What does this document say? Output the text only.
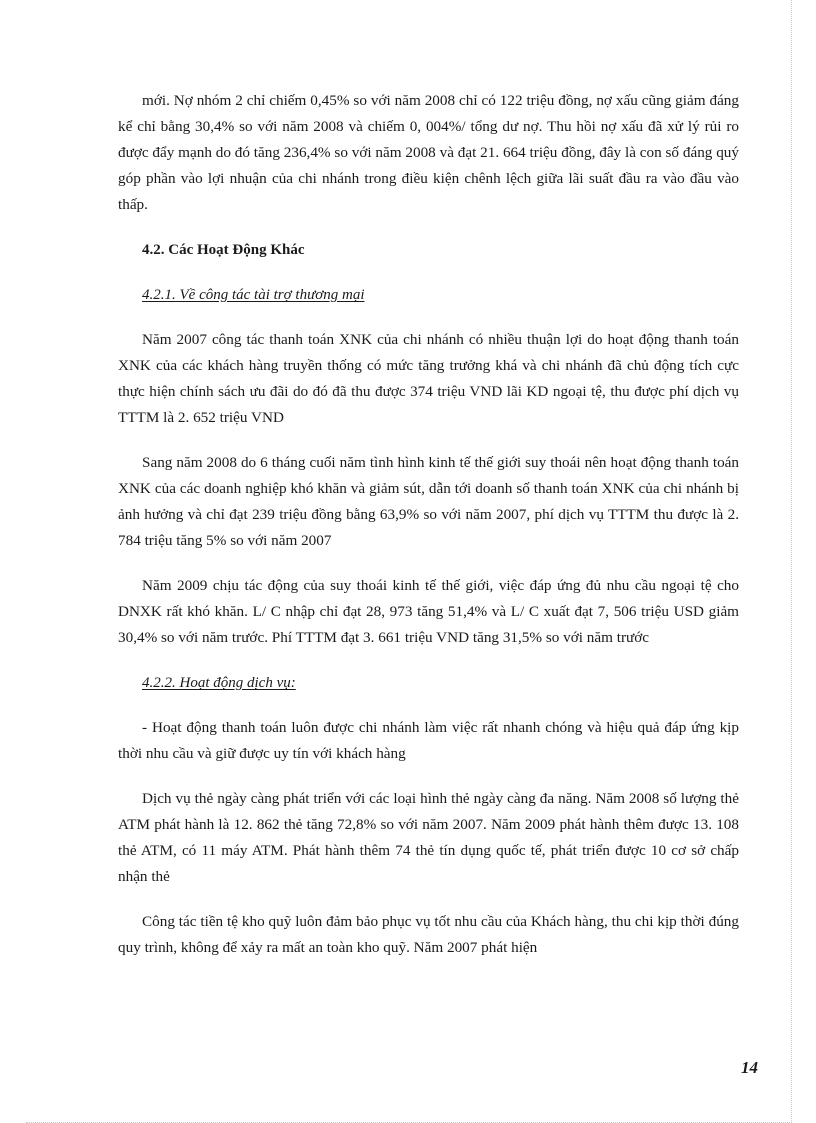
mới. Nợ nhóm 2 chỉ chiếm 0,45% so với năm 2008 chỉ có 122 triệu đồng, nợ xấu cũng giảm đáng kể chỉ bằng 30,4% so với năm 2008 và chiếm 0, 004%/ tổng dư nợ. Thu hồi nợ xấu đã xử lý rủi ro được đẩy mạnh do đó tăng 236,4% so với năm 2008 và đạt 21. 664 triệu đồng, đây là con số đáng quý góp phần vào lợi nhuận của chi nhánh trong điều kiện chênh lệch giữa lãi suất đầu ra vào đầu vào thấp.

4.2. Các Hoạt Động Khác
4.2.1. Về công tác tài trợ thương mại

Năm 2007 công tác thanh toán XNK của chi nhánh có nhiều thuận lợi do hoạt động thanh toán XNK của các khách hàng truyền thống có mức tăng trưởng khá và chi nhánh đã chủ động tích cực thực hiện chính sách ưu đãi do đó đã thu được 374 triệu VND lãi KD ngoại tệ, thu được phí dịch vụ TTTM là 2. 652 triệu VND

Sang năm 2008 do 6 tháng cuối năm tình hình kinh tế thế giới suy thoái nên hoạt động thanh toán XNK của các doanh nghiệp khó khăn và giảm sút, dẫn tới doanh số thanh toán XNK của chi nhánh bị ảnh hưởng và chỉ đạt 239 triệu đồng bằng 63,9% so với năm 2007, phí dịch vụ TTTM thu được là 2. 784 triệu tăng 5% so với năm 2007

Năm 2009 chịu tác động của suy thoái kinh tế thế giới, việc đáp ứng đủ nhu cầu ngoại tệ cho DNXK rất khó khăn. L/ C nhập chỉ đạt 28, 973 tăng 51,4% và L/ C xuất đạt 7, 506 triệu USD giảm 30,4% so với năm trước. Phí TTTM đạt 3. 661 triệu VND tăng 31,5% so với năm trước

4.2.2. Hoạt động dịch vụ:

- Hoạt động thanh toán luôn được chi nhánh làm việc rất nhanh chóng và hiệu quả đáp ứng kịp thời nhu cầu và giữ được uy tín với khách hàng

Dịch vụ thẻ ngày càng phát triển với các loại hình thẻ ngày càng đa năng. Năm 2008 số lượng thẻ ATM phát hành là 12. 862 thẻ tăng 72,8% so với năm 2007. Năm 2009 phát hành thêm được 13. 108 thẻ ATM, có 11 máy ATM. Phát hành thêm 74 thẻ tín dụng quốc tế, phát triển được 10 cơ sở chấp nhận thẻ

Công tác tiền tệ kho quỹ luôn đảm bảo phục vụ tốt nhu cầu của Khách hàng, thu chi kịp thời đúng quy trình, không để xảy ra mất an toàn kho quỹ. Năm 2007 phát hiện

14
